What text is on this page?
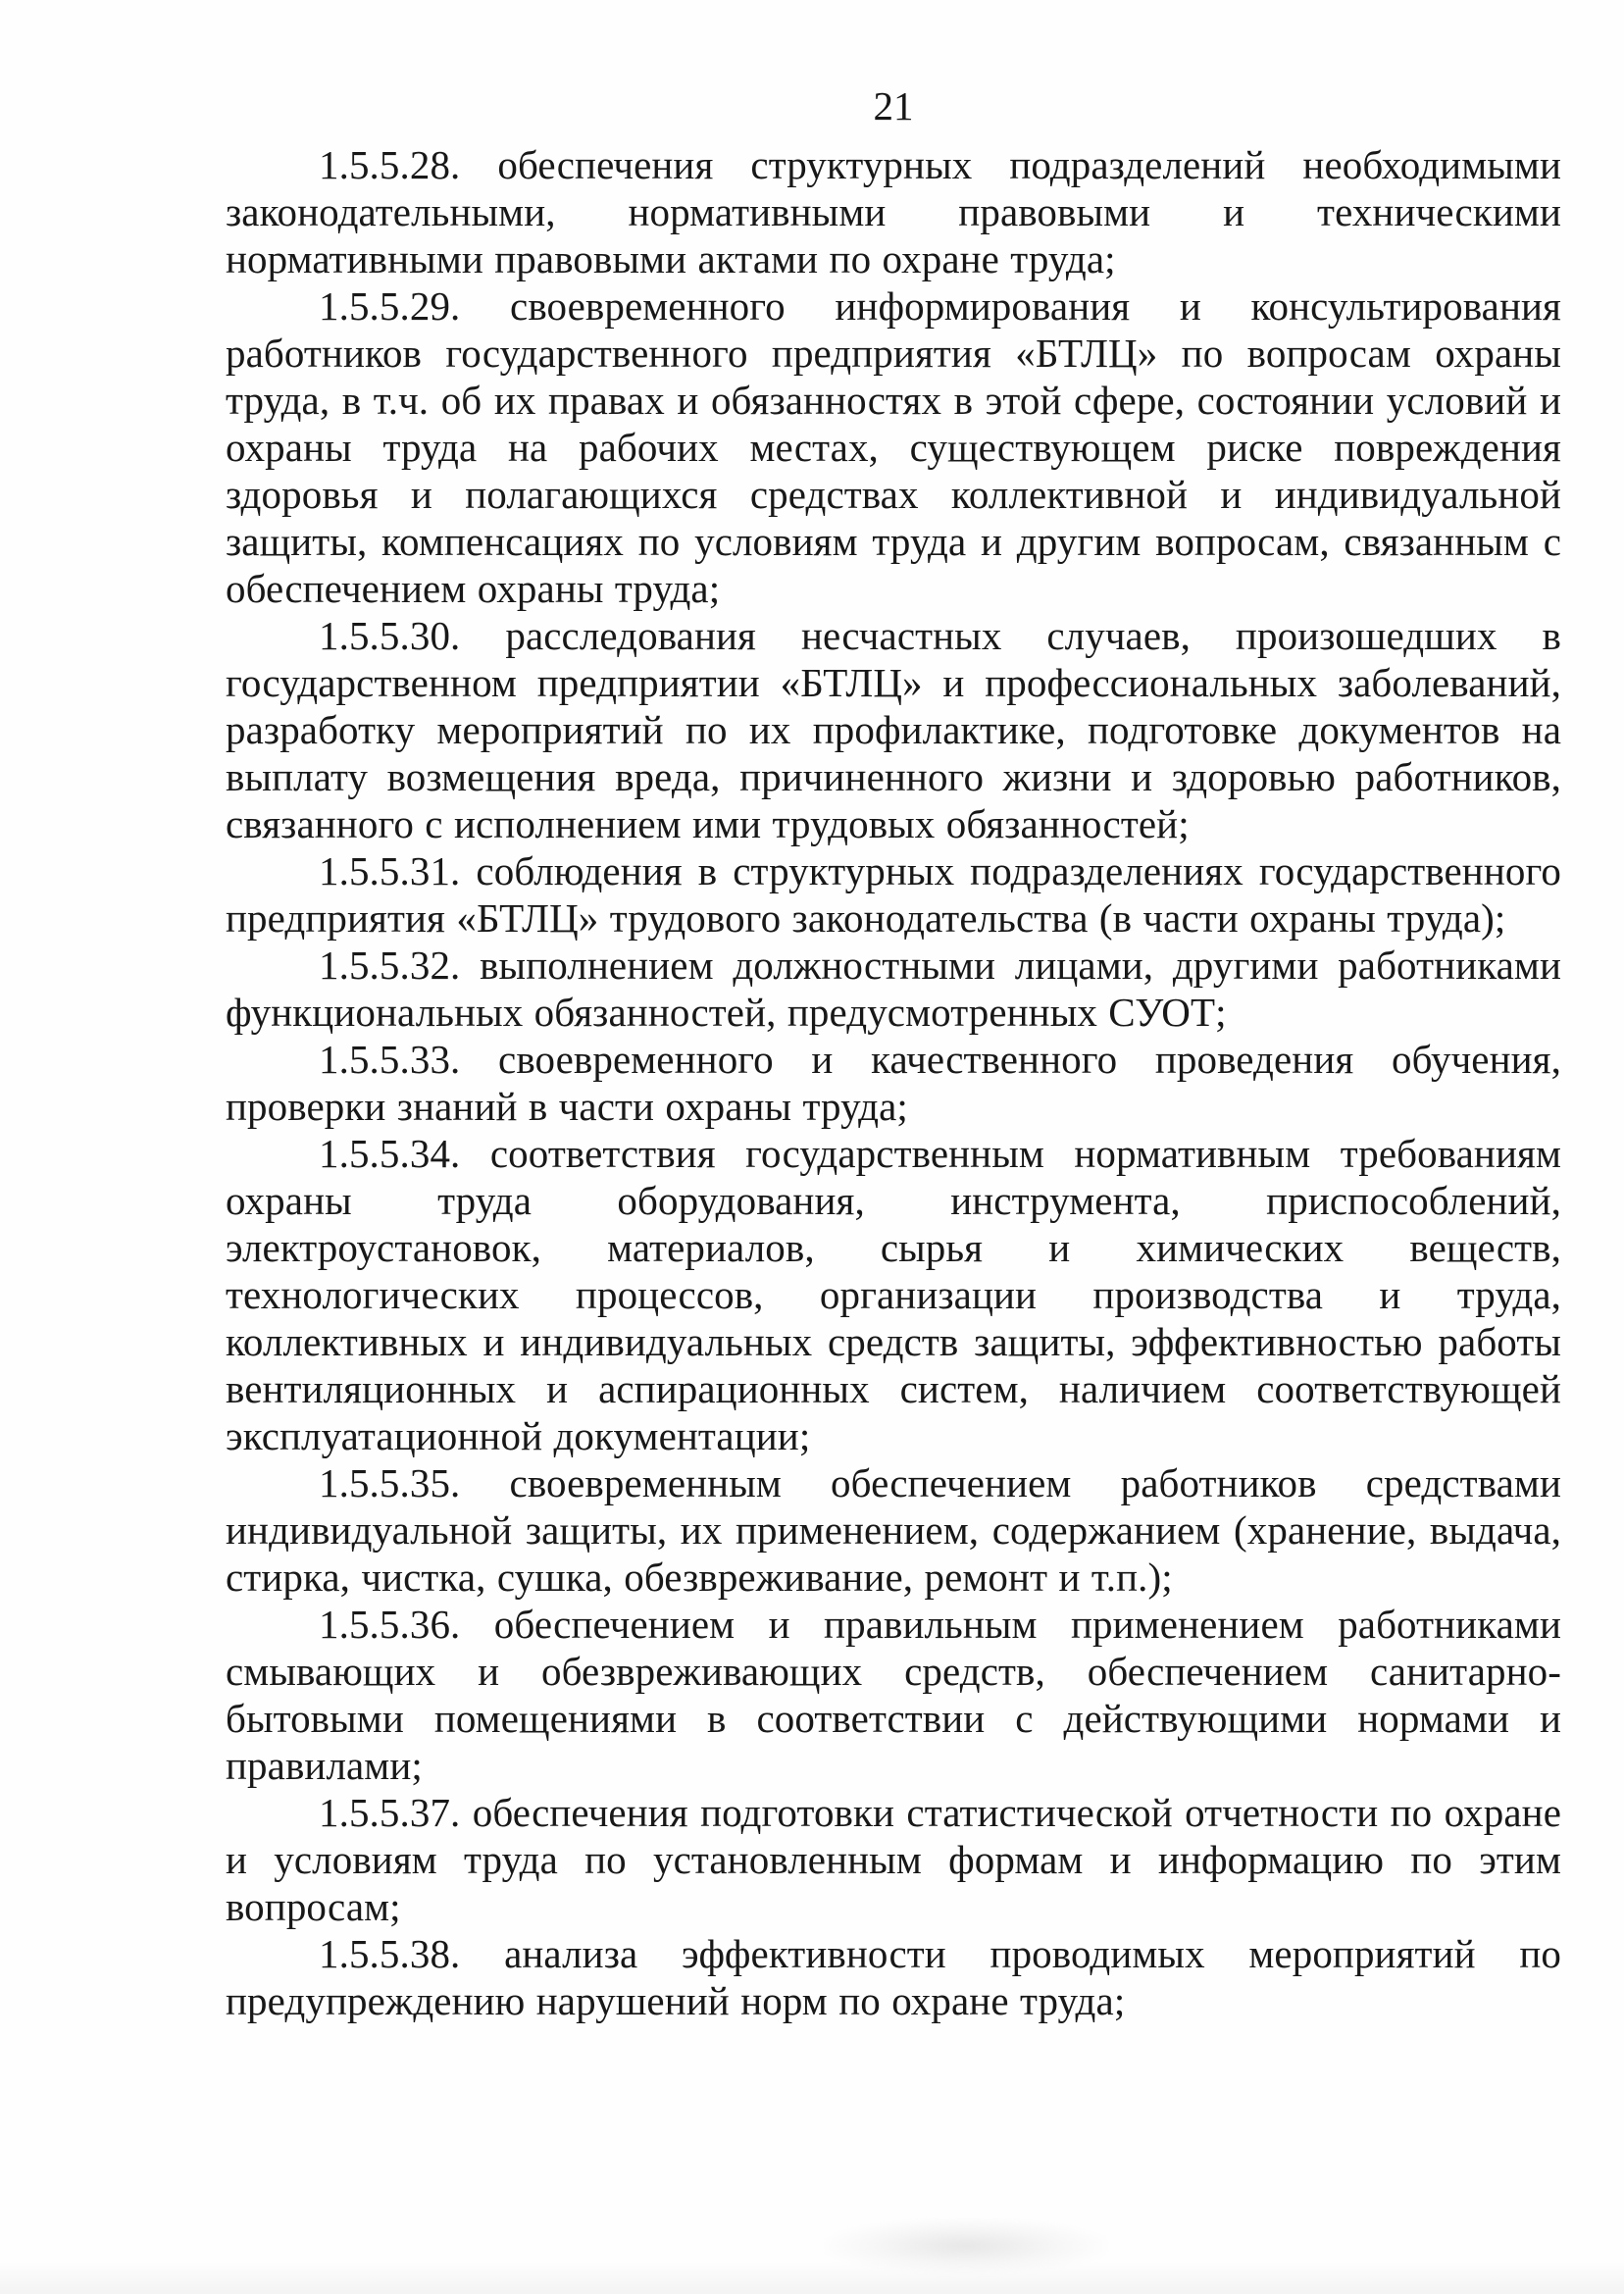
21

1.5.5.28. обеспечения структурных подразделений необходимыми законодательными, нормативными правовыми и техническими нормативными правовыми актами по охране труда;

1.5.5.29. своевременного информирования и консультирования работников государственного предприятия «БТЛЦ» по вопросам охраны труда, в т.ч. об их правах и обязанностях в этой сфере, состоянии условий и охраны труда на рабочих местах, существующем риске повреждения здоровья и полагающихся средствах коллективной и индивидуальной защиты, компенсациях по условиям труда и другим вопросам, связанным с обеспечением охраны труда;

1.5.5.30. расследования несчастных случаев, произошедших в государственном предприятии «БТЛЦ» и профессиональных заболеваний, разработку мероприятий по их профилактике, подготовке документов на выплату возмещения вреда, причиненного жизни и здоровью работников, связанного с исполнением ими трудовых обязанностей;

1.5.5.31. соблюдения в структурных подразделениях государственного предприятия «БТЛЦ» трудового законодательства (в части охраны труда);

1.5.5.32. выполнением должностными лицами, другими работниками функциональных обязанностей, предусмотренных СУОТ;

1.5.5.33. своевременного и качественного проведения обучения, проверки знаний в части охраны труда;

1.5.5.34. соответствия государственным нормативным требованиям охраны труда оборудования, инструмента, приспособлений, электроустановок, материалов, сырья и химических веществ, технологических процессов, организации производства и труда, коллективных и индивидуальных средств защиты, эффективностью работы вентиляционных и аспирационных систем, наличием соответствующей эксплуатационной документации;

1.5.5.35. своевременным обеспечением работников средствами индивидуальной защиты, их применением, содержанием (хранение, выдача, стирка, чистка, сушка, обезвреживание, ремонт и т.п.);

1.5.5.36. обеспечением и правильным применением работниками смывающих и обезвреживающих средств, обеспечением санитарно-бытовыми помещениями в соответствии с действующими нормами и правилами;

1.5.5.37. обеспечения подготовки статистической отчетности по охране и условиям труда по установленным формам и информацию по этим вопросам;

1.5.5.38. анализа эффективности проводимых мероприятий по предупреждению нарушений норм по охране труда;
